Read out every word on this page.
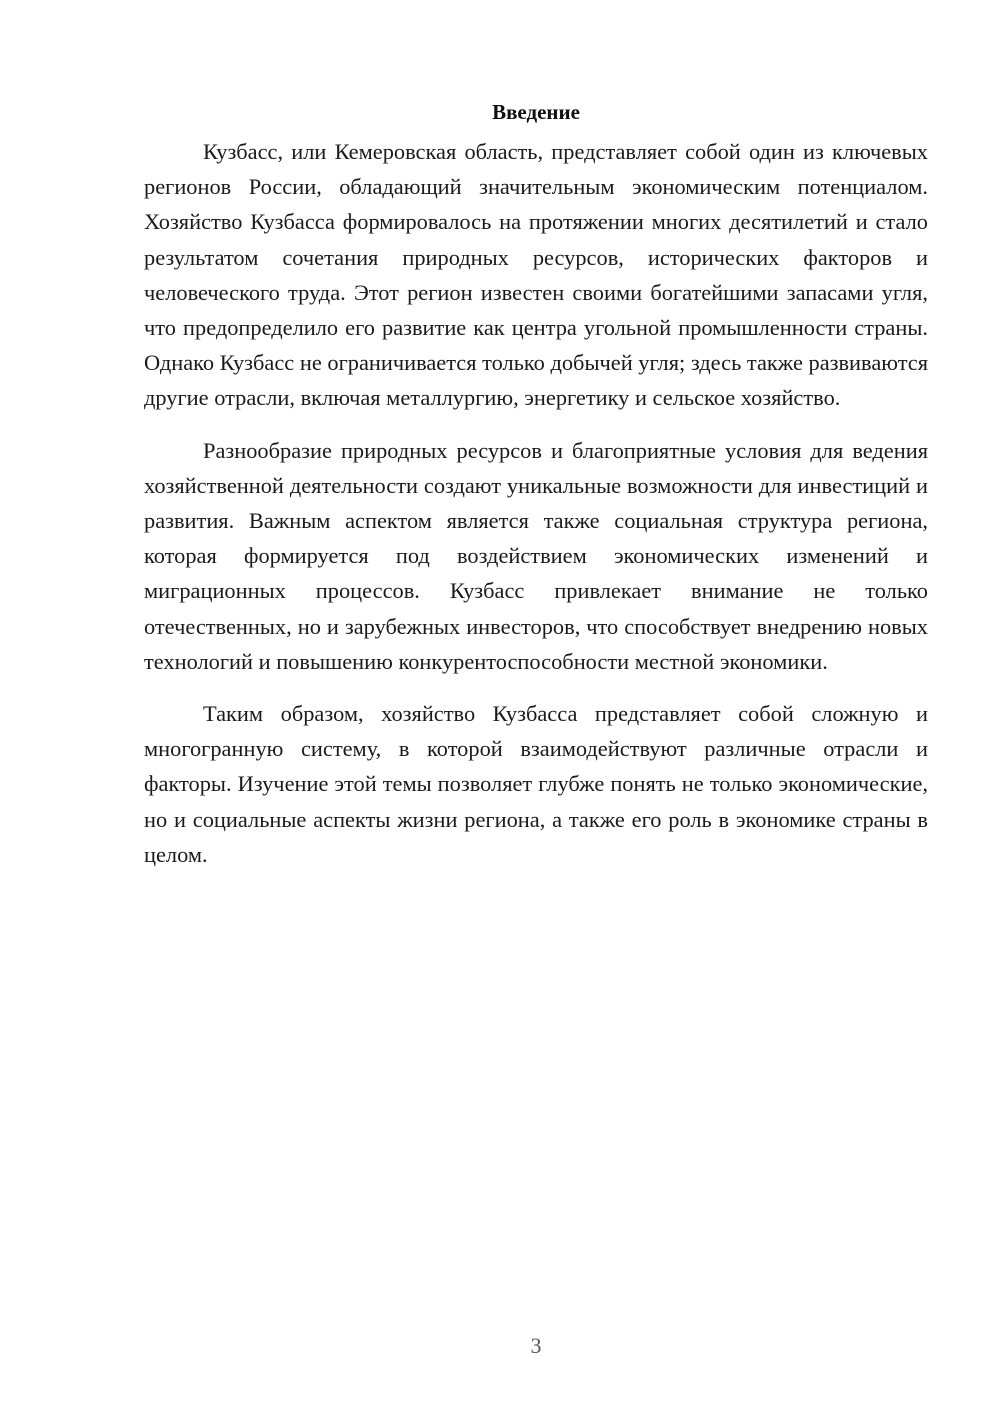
Введение

Кузбасс, или Кемеровская область, представляет собой один из ключевых регионов России, обладающий значительным экономическим потенциалом. Хозяйство Кузбасса формировалось на протяжении многих десятилетий и стало результатом сочетания природных ресурсов, исторических факторов и человеческого труда. Этот регион известен своими богатейшими запасами угля, что предопределило его развитие как центра угольной промышленности страны. Однако Кузбасс не ограничивается только добычей угля; здесь также развиваются другие отрасли, включая металлургию, энергетику и сельское хозяйство.

Разнообразие природных ресурсов и благоприятные условия для ведения хозяйственной деятельности создают уникальные возможности для инвестиций и развития. Важным аспектом является также социальная структура региона, которая формируется под воздействием экономических изменений и миграционных процессов. Кузбасс привлекает внимание не только отечественных, но и зарубежных инвесторов, что способствует внедрению новых технологий и повышению конкурентоспособности местной экономики.

Таким образом, хозяйство Кузбасса представляет собой сложную и многогранную систему, в которой взаимодействуют различные отрасли и факторы. Изучение этой темы позволяет глубже понять не только экономические, но и социальные аспекты жизни региона, а также его роль в экономике страны в целом.

3
